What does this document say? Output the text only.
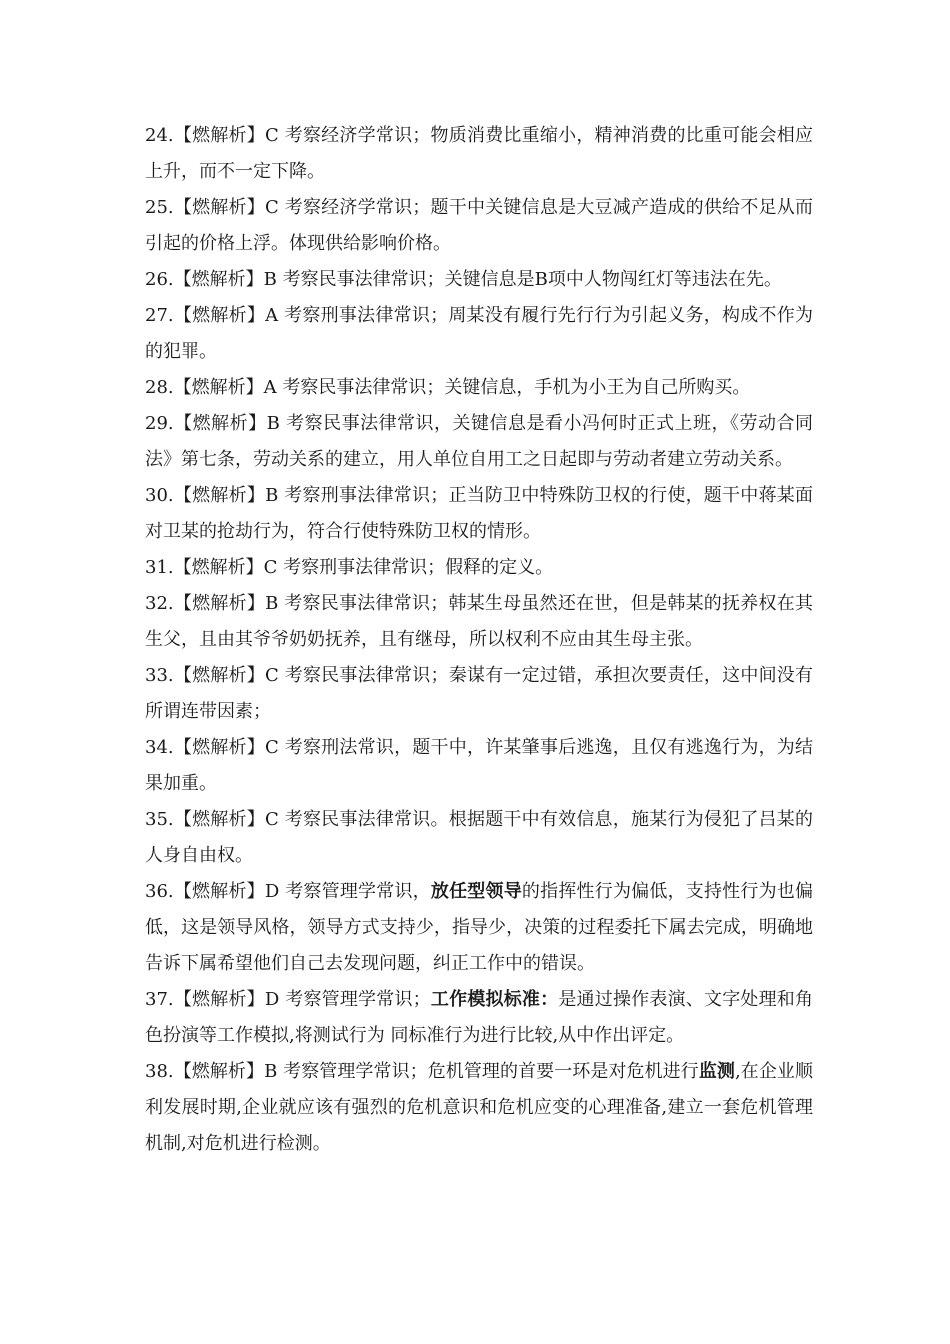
24.【燃解析】C 考察经济学常识；物质消费比重缩小，精神消费的比重可能会相应上升，而不一定下降。

25.【燃解析】C 考察经济学常识；题干中关键信息是大豆减产造成的供给不足从而引起的价格上浮。体现供给影响价格。

26.【燃解析】B 考察民事法律常识；关键信息是B项中人物闯红灯等违法在先。

27.【燃解析】A 考察刑事法律常识；周某没有履行先行行为引起义务，构成不作为的犯罪。

28.【燃解析】A 考察民事法律常识；关键信息，手机为小王为自己所购买。

29.【燃解析】B 考察民事法律常识，关键信息是看小冯何时正式上班，《劳动合同法》第七条，劳动关系的建立，用人单位自用工之日起即与劳动者建立劳动关系。

30.【燃解析】B 考察刑事法律常识；正当防卫中特殊防卫权的行使，题干中蒋某面对卫某的抢劫行为，符合行使特殊防卫权的情形。

31.【燃解析】C 考察刑事法律常识；假释的定义。

32.【燃解析】B 考察民事法律常识；韩某生母虽然还在世，但是韩某的抚养权在其生父，且由其爷爷奶奶抚养，且有继母，所以权利不应由其生母主张。

33.【燃解析】C 考察民事法律常识；秦谋有一定过错，承担次要责任，这中间没有所谓连带因素；

34.【燃解析】C 考察刑法常识，题干中，许某肇事后逃逸，且仅有逃逸行为，为结果加重。

35.【燃解析】C 考察民事法律常识。根据题干中有效信息，施某行为侵犯了吕某的人身自由权。

36.【燃解析】D 考察管理学常识，放任型领导的指挥性行为偏低，支持性行为也偏低，这是领导风格，领导方式支持少，指导少，决策的过程委托下属去完成，明确地告诉下属希望他们自己去发现问题，纠正工作中的错误。

37.【燃解析】D 考察管理学常识；工作模拟标准：是通过操作表演、文字处理和角色扮演等工作模拟,将测试行为 同标准行为进行比较,从中作出评定。

38.【燃解析】B 考察管理学常识；危机管理的首要一环是对危机进行监测,在企业顺利发展时期,企业就应该有强烈的危机意识和危机应变的心理准备,建立一套危机管理机制,对危机进行检测。
